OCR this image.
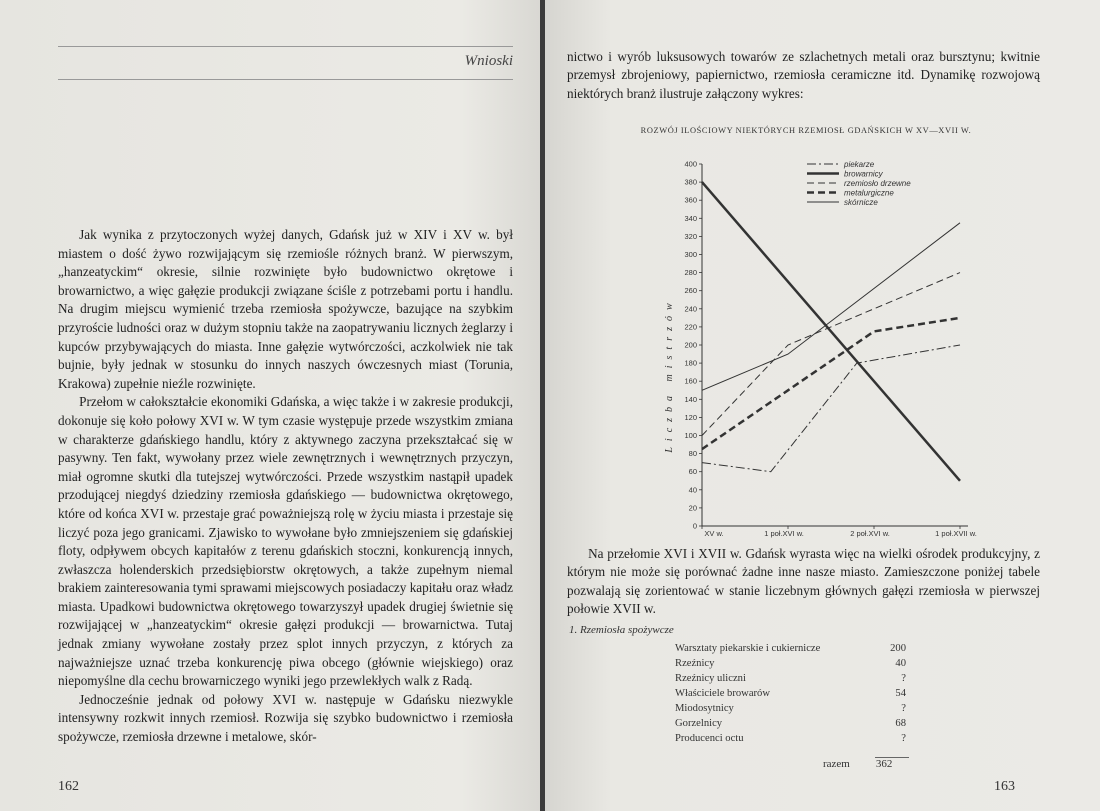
Wnioski

Jak wynika z przytoczonych wyżej danych, Gdańsk już w XIV i XV w. był miastem o dość żywo rozwijającym się rzemiośle różnych branż. W pierwszym, „hanzeatyckim“ okresie, silnie rozwinięte było budownictwo okrętowe i browarnictwo, a więc gałęzie produkcji związane ściśle z potrzebami portu i handlu. Na drugim miejscu wymienić trzeba rzemiosła spożywcze, bazujące na szybkim przyroście ludności oraz w dużym stopniu także na zaopatrywaniu licznych żeglarzy i kupców przybywających do miasta. Inne gałęzie wytwórczości, aczkolwiek nie tak bujnie, były jednak w stosunku do innych naszych ówczesnych miast (Torunia, Krakowa) zupełnie nieźle rozwinięte.

Przełom w całokształcie ekonomiki Gdańska, a więc także i w zakresie produkcji, dokonuje się koło połowy XVI w. W tym czasie występuje przede wszystkim zmiana w charakterze gdańskiego handlu, który z aktywnego zaczyna przekształcać się w pasywny. Ten fakt, wywołany przez wiele zewnętrznych i wewnętrznych przyczyn, miał ogromne skutki dla tutejszej wytwórczości. Przede wszystkim nastąpił upadek przodującej niegdyś dziedziny rzemiosła gdańskiego — budownictwa okrętowego, które od końca XVI w. przestaje grać poważniejszą rolę w życiu miasta i przestaje się liczyć poza jego granicami. Zjawisko to wywołane było zmniejszeniem się gdańskiej floty, odpływem obcych kapitałów z terenu gdańskich stoczni, konkurencją innych, zwłaszcza holenderskich przedsiębiorstw okrętowych, a także zupełnym niemal brakiem zainteresowania tymi sprawami miejscowych posiadaczy kapitału oraz władz miasta. Upadkowi budownictwa okrętowego towarzyszył upadek drugiej świetnie się rozwijającej w „hanzeatyckim“ okresie gałęzi produkcji — browarnictwa. Tutaj jednak zmiany wywołane zostały przez splot innych przyczyn, z których za najważniejsze uznać trzeba konkurencję piwa obcego (głównie wiejskiego) oraz niepomyślne dla cechu browarniczego wyniki jego przewlekłych walk z Radą.

Jednocześnie jednak od połowy XVI w. następuje w Gdańsku niezwykle intensywny rozkwit innych rzemiosł. Rozwija się szybko budownictwo i rzemiosła spożywcze, rzemiosła drzewne i metalowe, skór-

162

nictwo i wyrób luksusowych towarów ze szlachetnych metali oraz bursztynu; kwitnie przemysł zbrojeniowy, papiernictwo, rzemiosła ceramiczne itd. Dynamikę rozwojową niektórych branż ilustruje załączony wykres:

ROZWÓJ ILOŚCIOWY NIEKTÓRYCH RZEMIOSŁ GDAŃSKICH W XV—XVII W.
0
20
40
60
80
100
120
140
160
180
200
220
240
260
280
300
320
340
360
380
400
XV w.	1 poł.XVI w.	2 poł.XVI w.	1 poł.XVII w.
Liczba mistrzów
piekarze
browarnicy
rzemiosło drzewne
metalurgiczne
skórnicze

Na przełomie XVI i XVII w. Gdańsk wyrasta więc na wielki ośrodek produkcyjny, z którym nie może się porównać żadne inne nasze miasto. Zamieszczone poniżej tabele pozwalają się zorientować w stanie liczebnym głównych gałęzi rzemiosła w pierwszej połowie XVII w.

1. Rzemiosła spożywcze
Warsztaty piekarskie i cukiernicze	200
Rzeźnicy	40
Rzeźnicy uliczni	?
Właściciele browarów	54
Miodosytnicy	?
Gorzelnicy	68
Producenci octu	?
razem 362
163
